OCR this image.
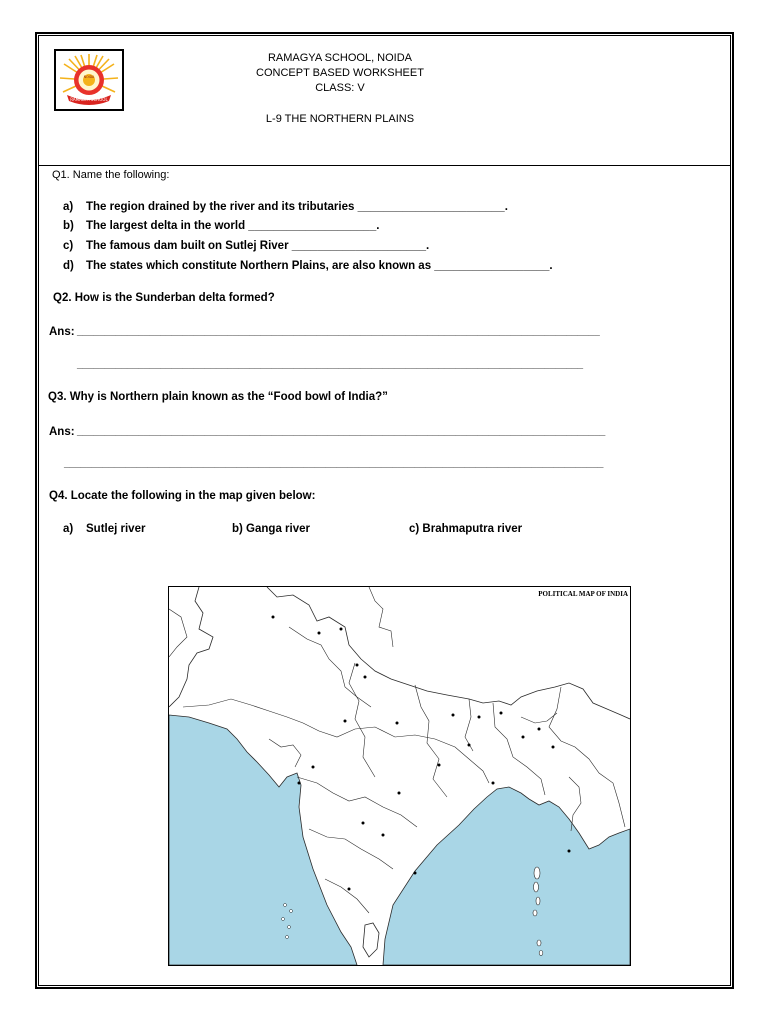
RAMAGYA SCHOOL
NOIDA
RAMAGYA SCHOOL, NOIDA
CONCEPT BASED WORKSHEET
CLASS: V
L-9 THE NORTHERN PLAINS
Q1. Name the following:
a) The region drained by the river and its tributaries _______________________.
b) The largest delta in the world ____________________.
c) The famous dam built on Sutlej River _____________________.
d) The states which constitute Northern Plains, are also known as __________________.
Q2. How is the Sunderban delta formed?
Ans: ______________________________________________________________________________________________
___________________________________________________________________________________________
Q3. Why is Northern plain known as the “Food bowl of India?”
Ans: _______________________________________________________________________________________________
_________________________________________________________________________________________________
Q4. Locate the following in the map given below:
a) Sutlej river	b) Ganga river	c) Brahmaputra river
POLITICAL MAP OF INDIA
